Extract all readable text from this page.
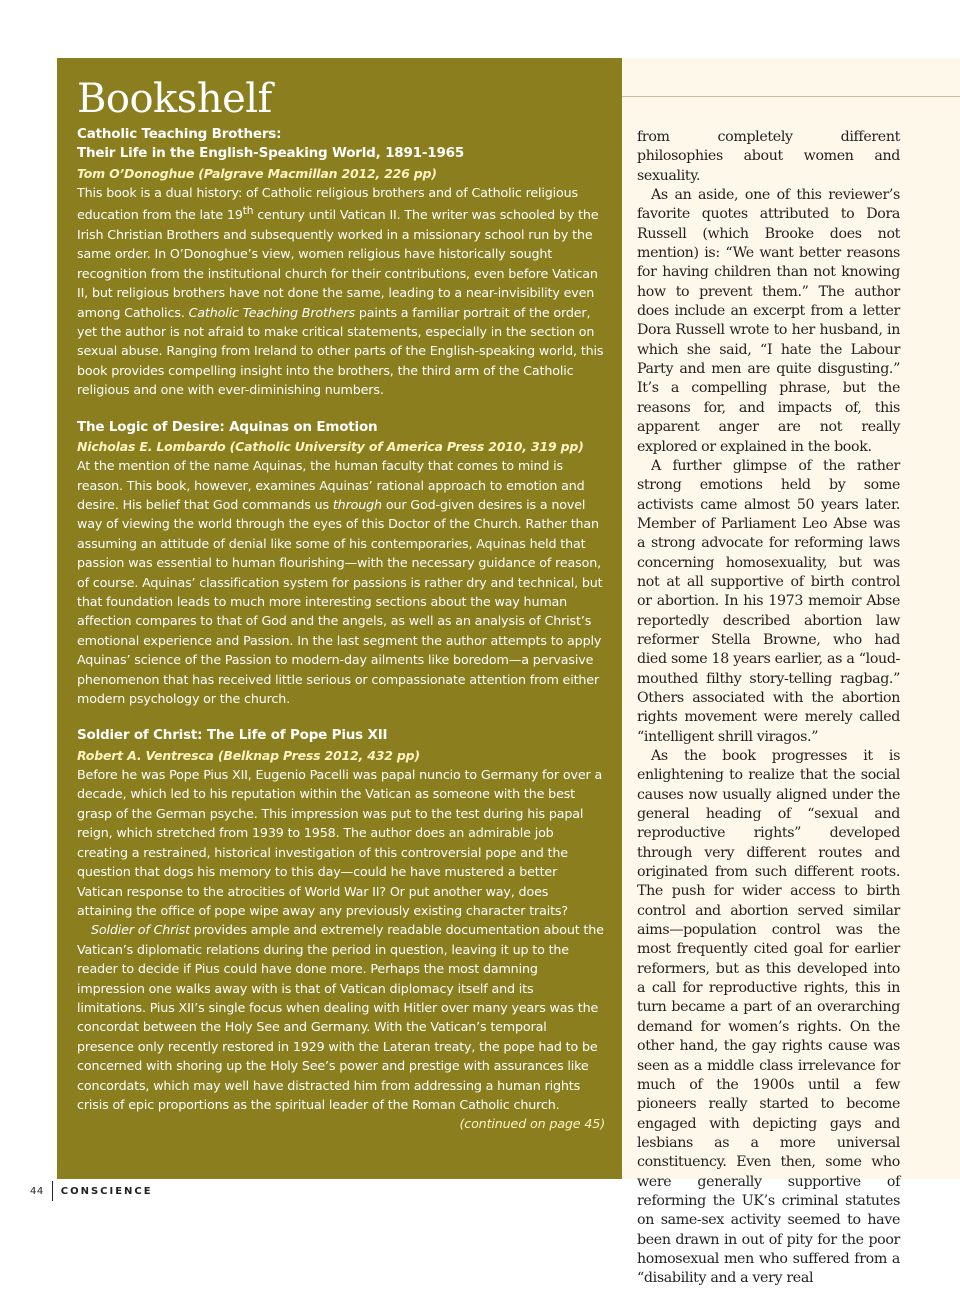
Bookshelf
Catholic Teaching Brothers:
Their Life in the English-Speaking World, 1891-1965

Tom O’Donoghue (Palgrave Macmillan 2012, 226 pp)

This book is a dual history: of Catholic religious brothers and of Catholic religious education from the late 19th century until Vatican II. The writer was schooled by the Irish Christian Brothers and subsequently worked in a missionary school run by the same order. In O’Donoghue’s view, women religious have historically sought recognition from the institutional church for their contributions, even before Vatican II, but religious brothers have not done the same, leading to a near-invisibility even among Catholics. Catholic Teaching Brothers paints a familiar portrait of the order, yet the author is not afraid to make critical statements, especially in the section on sexual abuse. Ranging from Ireland to other parts of the English-speaking world, this book provides compelling insight into the brothers, the third arm of the Catholic religious and one with ever-diminishing numbers.

The Logic of Desire: Aquinas on Emotion

Nicholas E. Lombardo (Catholic University of America Press 2010, 319 pp)

At the mention of the name Aquinas, the human faculty that comes to mind is reason. This book, however, examines Aquinas’ rational approach to emotion and desire. His belief that God commands us through our God-given desires is a novel way of viewing the world through the eyes of this Doctor of the Church. Rather than assuming an attitude of denial like some of his contemporaries, Aquinas held that passion was essential to human flourishing—with the necessary guidance of reason, of course. Aquinas’ classification system for passions is rather dry and technical, but that foundation leads to much more interesting sections about the way human affection compares to that of God and the angels, as well as an analysis of Christ’s emotional experience and Passion. In the last segment the author attempts to apply Aquinas’ science of the Passion to modern-day ailments like boredom—a pervasive phenomenon that has received little serious or compassionate attention from either modern psychology or the church.

Soldier of Christ: The Life of Pope Pius XII

Robert A. Ventresca (Belknap Press 2012, 432 pp)

Before he was Pope Pius XII, Eugenio Pacelli was papal nuncio to Germany for over a decade, which led to his reputation within the Vatican as someone with the best grasp of the German psyche. This impression was put to the test during his papal reign, which stretched from 1939 to 1958. The author does an admirable job creating a restrained, historical investigation of this controversial pope and the question that dogs his memory to this day—could he have mustered a better Vatican response to the atrocities of World War II? Or put another way, does attaining the office of pope wipe away any previously existing character traits?

Soldier of Christ provides ample and extremely readable documentation about the Vatican’s diplomatic relations during the period in question, leaving it up to the reader to decide if Pius could have done more. Perhaps the most damning impression one walks away with is that of Vatican diplomacy itself and its limitations. Pius XII’s single focus when dealing with Hitler over many years was the concordat between the Holy See and Germany. With the Vatican’s temporal presence only recently restored in 1929 with the Lateran treaty, the pope had to be concerned with shoring up the Holy See’s power and prestige with assurances like concordats, which may well have distracted him from addressing a human rights crisis of epic proportions as the spiritual leader of the Roman Catholic church.

(continued on page 45)

from completely different philosophies about women and sexuality.

As an aside, one of this reviewer’s favorite quotes attributed to Dora Russell (which Brooke does not mention) is: “We want better reasons for having children than not knowing how to prevent them.” The author does include an excerpt from a letter Dora Russell wrote to her husband, in which she said, “I hate the Labour Party and men are quite disgusting.” It’s a compelling phrase, but the reasons for, and impacts of, this apparent anger are not really explored or explained in the book.

A further glimpse of the rather strong emotions held by some activists came almost 50 years later. Member of Parliament Leo Abse was a strong advocate for reforming laws concerning homosexuality, but was not at all supportive of birth control or abortion. In his 1973 memoir Abse reportedly described abortion law reformer Stella Browne, who had died some 18 years earlier, as a “loud-mouthed filthy story-telling ragbag.” Others associated with the abortion rights movement were merely called “intelligent shrill viragos.”

As the book progresses it is enlightening to realize that the social causes now usually aligned under the general heading of “sexual and reproductive rights” developed through very different routes and originated from such different roots. The push for wider access to birth control and abortion served similar aims—population control was the most frequently cited goal for earlier reformers, but as this developed into a call for reproductive rights, this in turn became a part of an overarching demand for women’s rights. On the other hand, the gay rights cause was seen as a middle class irrelevance for much of the 1900s until a few pioneers really started to become engaged with depicting gays and lesbians as a more universal constituency. Even then, some who were generally supportive of reforming the UK’s criminal statutes on same-sex activity seemed to have been drawn in out of pity for the poor homosexual men who suffered from a “disability and a very real

44 CONSCIENCE
